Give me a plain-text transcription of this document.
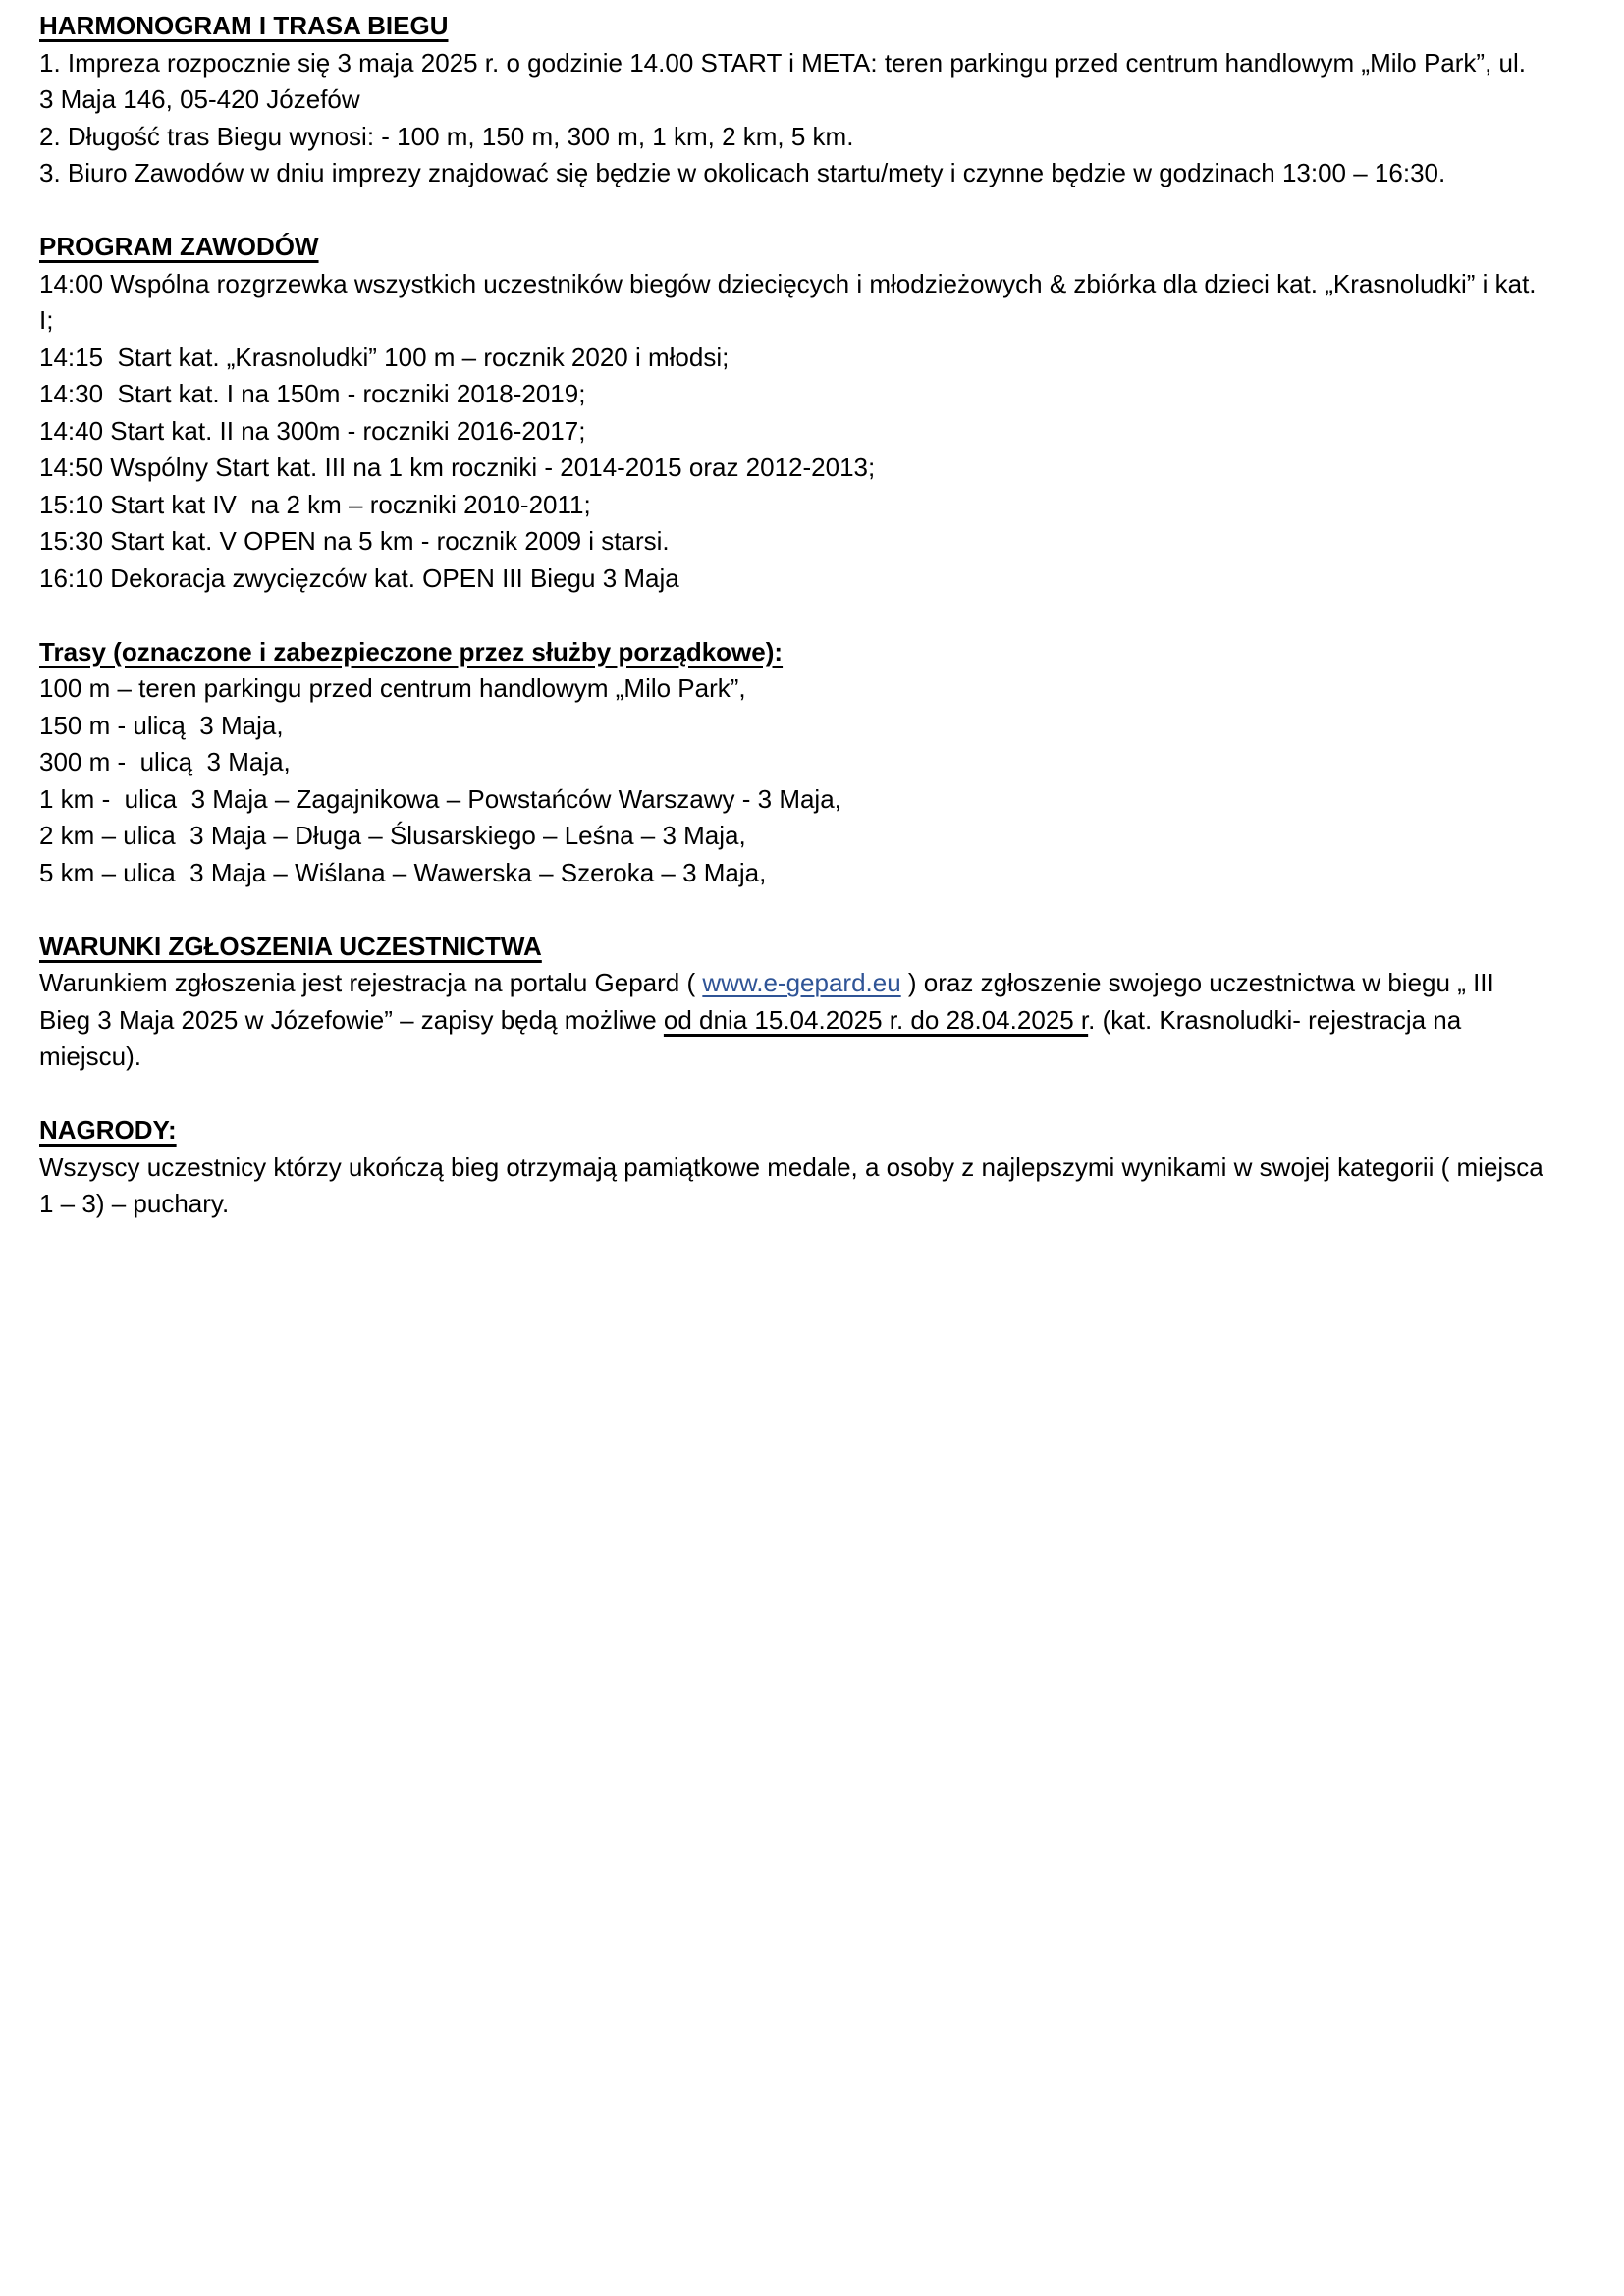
HARMONOGRAM I TRASA BIEGU

1. Impreza rozpocznie się 3 maja 2025 r. o godzinie 14.00 START i META: teren parkingu przed centrum handlowym „Milo Park”, ul. 3 Maja 146, 05-420 Józefów

2. Długość tras Biegu wynosi: - 100 m, 150 m, 300 m, 1 km, 2 km, 5 km.

3. Biuro Zawodów w dniu imprezy znajdować się będzie w okolicach startu/mety i czynne będzie w godzinach 13:00 – 16:30.

PROGRAM ZAWODÓW

14:00 Wspólna rozgrzewka wszystkich uczestników biegów dziecięcych i młodzieżowych & zbiórka dla dzieci kat. „Krasnoludki” i kat. I;

14:15  Start kat. „Krasnoludki” 100 m – rocznik 2020 i młodsi;

14:30  Start kat. I na 150m - roczniki 2018-2019;

14:40 Start kat. II na 300m - roczniki 2016-2017;

14:50 Wspólny Start kat. III na 1 km roczniki - 2014-2015 oraz 2012-2013;

15:10 Start kat IV  na 2 km – roczniki 2010-2011;

15:30 Start kat. V OPEN na 5 km - rocznik 2009 i starsi.

16:10 Dekoracja zwycięzców kat. OPEN III Biegu 3 Maja

Trasy (oznaczone i zabezpieczone przez służby porządkowe):

100 m – teren parkingu przed centrum handlowym „Milo Park”,

150 m - ulicą  3 Maja,

300 m -  ulicą  3 Maja,

1 km -  ulica  3 Maja – Zagajnikowa – Powstańców Warszawy - 3 Maja,

2 km – ulica  3 Maja – Długa – Ślusarskiego – Leśna – 3 Maja,

5 km – ulica  3 Maja – Wiślana – Wawerska – Szeroka – 3 Maja,

WARUNKI ZGŁOSZENIA UCZESTNICTWA

Warunkiem zgłoszenia jest rejestracja na portalu Gepard ( www.e-gepard.eu ) oraz zgłoszenie swojego uczestnictwa w biegu „ III Bieg 3 Maja 2025 w Józefowie” – zapisy będą możliwe od dnia 15.04.2025 r. do 28.04.2025 r. (kat. Krasnoludki- rejestracja na miejscu).

NAGRODY:

Wszyscy uczestnicy którzy ukończą bieg otrzymają pamiątkowe medale, a osoby z najlepszymi wynikami w swojej kategorii ( miejsca 1 – 3) – puchary.
